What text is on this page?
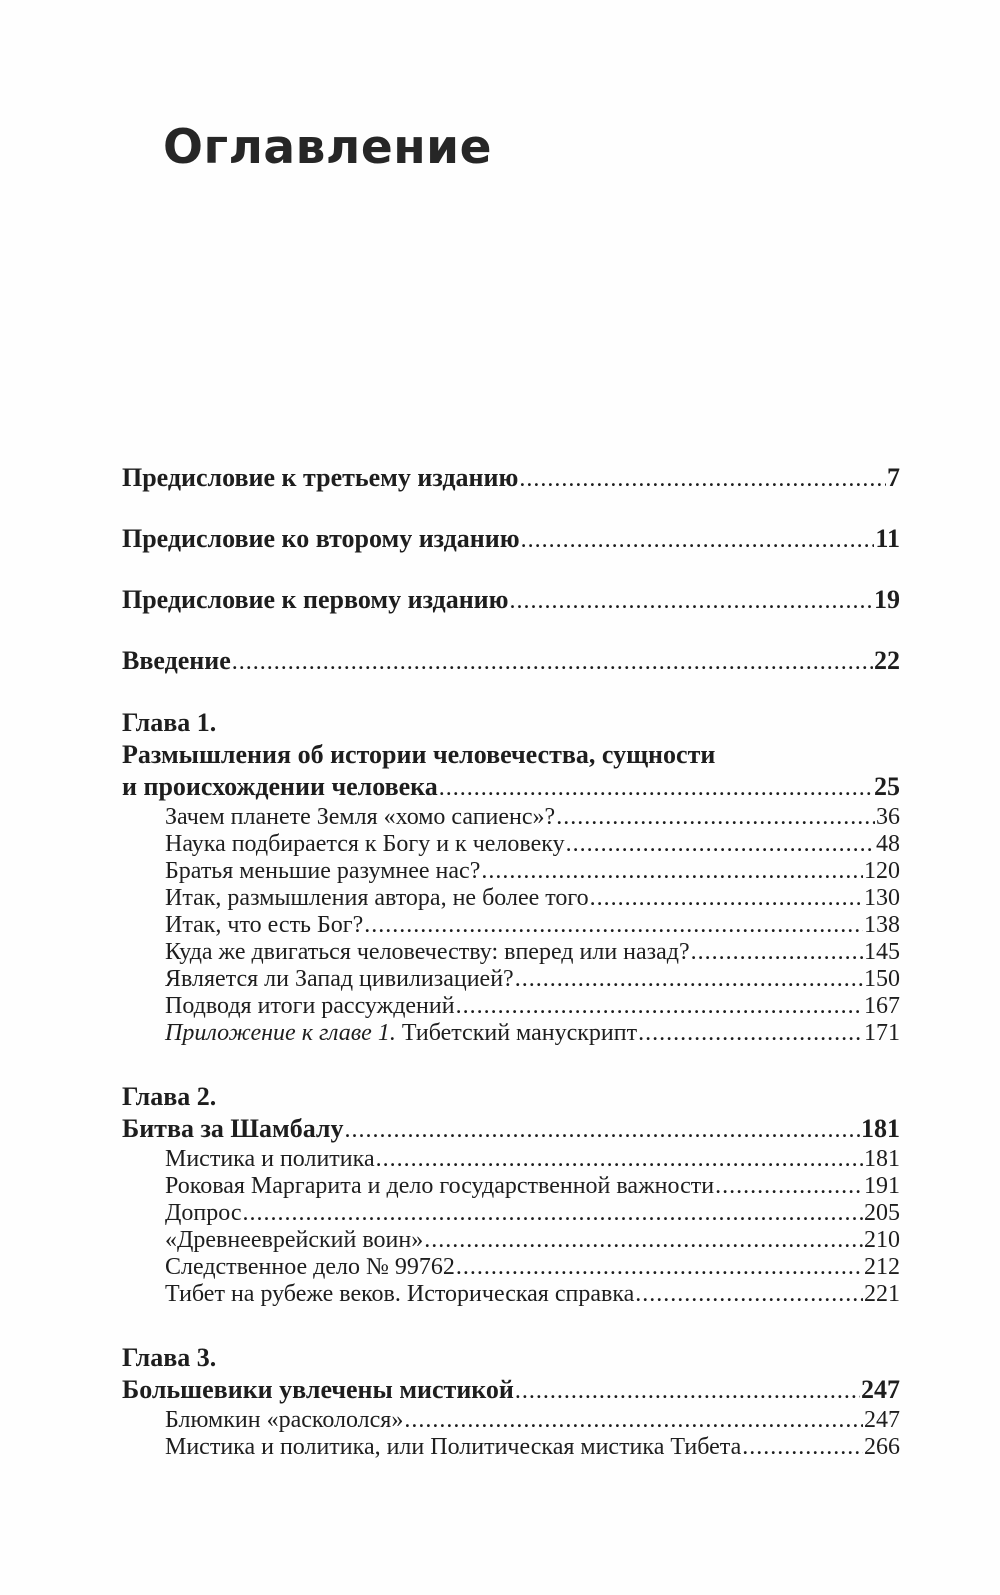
Оглавление
Предисловие к третьему изданию .....	7
Предисловие ко второму изданию .....	11
Предисловие к первому изданию .....	19
Введение .....	22
Глава 1.
Размышления об истории человечества, сущности
и происхождении человека .....	25
Зачем планете Земля «хомо сапиенс»? .....	36
Наука подбирается к Богу и к человеку .....	48
Братья меньшие разумнее нас? .....	120
Итак, размышления автора, не более того .....	130
Итак, что есть Бог? .....	138
Куда же двигаться человечеству: вперед или назад? .....	145
Является ли Запад цивилизацией? .....	150
Подводя итоги рассуждений .....	167
Приложение к главе 1. Тибетский манускрипт .....	171
Глава 2.
Битва за Шамбалу .....	181
Мистика и политика .....	181
Роковая Маргарита и дело государственной важности .....	191
Допрос .....	205
«Древнееврейский воин» .....	210
Следственное дело № 99762 .....	212
Тибет на рубеже веков. Историческая справка .....	221
Глава 3.
Большевики увлечены мистикой .....	247
Блюмкин «раскололся» .....	247
Мистика и политика, или Политическая мистика Тибета .....	266
